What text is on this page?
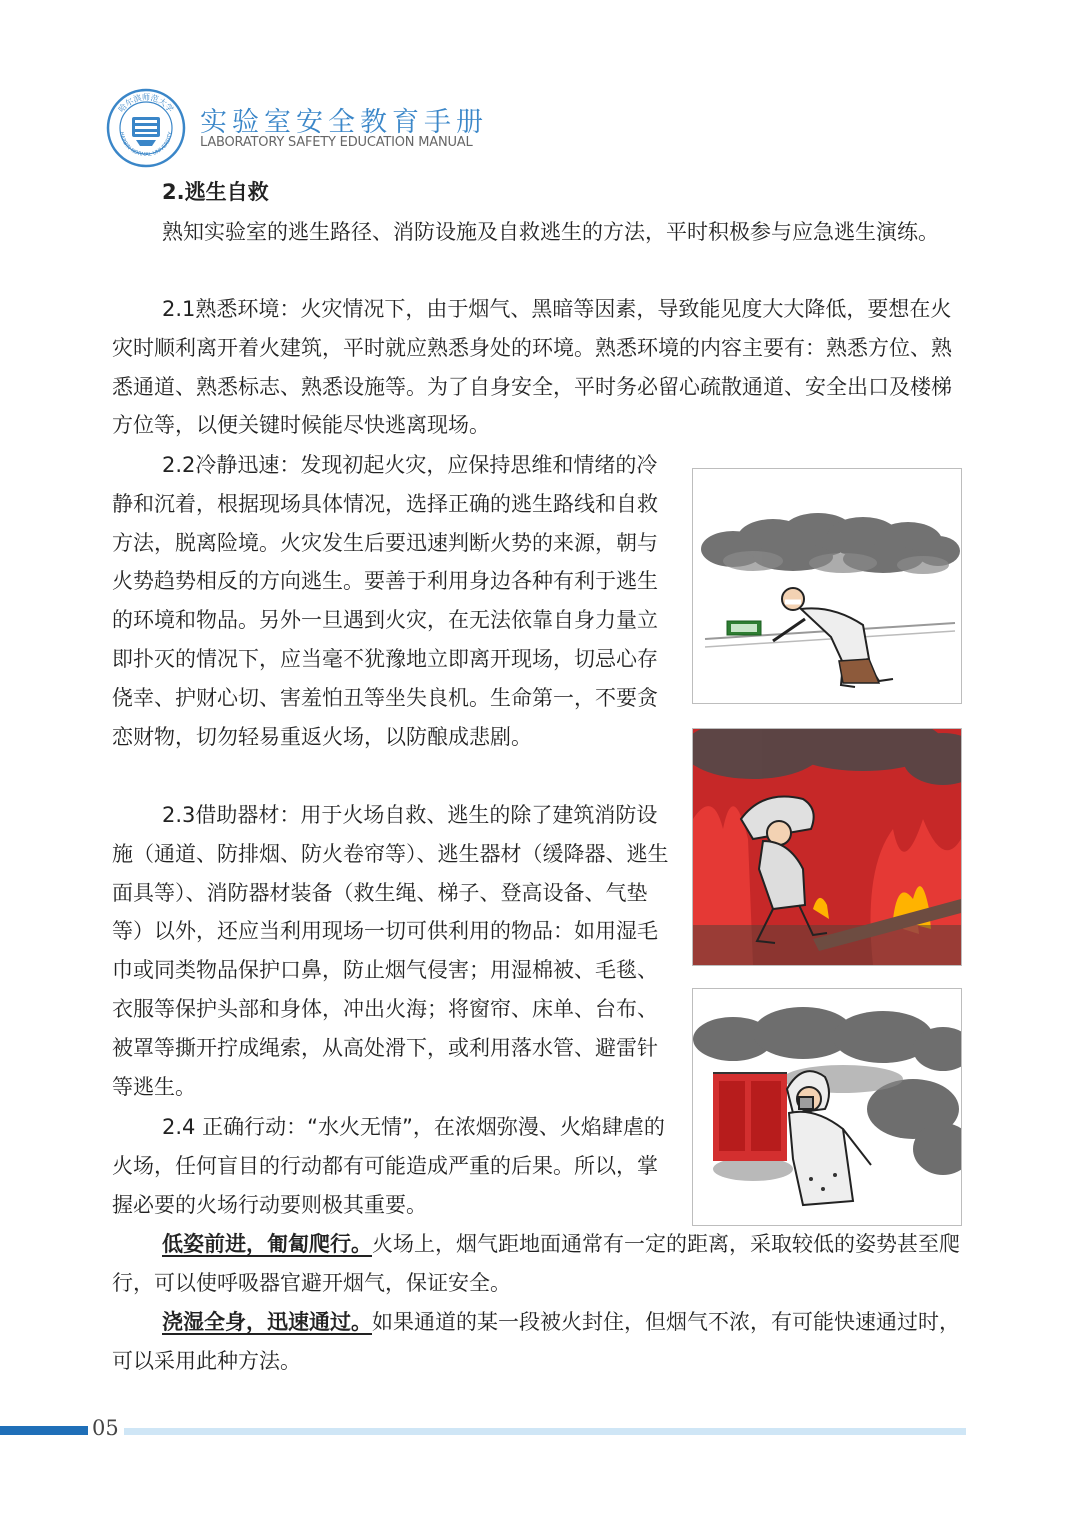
哈尔滨师范大学
HARBIN NORMAL UNIVERSITY 实验室安全教育手册
LABORATORY SAFETY EDUCATION MANUAL

2.逃生自救

熟知实验室的逃生路径、消防设施及自救逃生的方法，平时积极参与应急逃生演练。

2.1熟悉环境：火灾情况下，由于烟气、黑暗等因素，导致能见度大大降低，要想在火灾时顺利离开着火建筑，平时就应熟悉身处的环境。熟悉环境的内容主要有：熟悉方位、熟悉通道、熟悉标志、熟悉设施等。为了自身安全，平时务必留心疏散通道、安全出口及楼梯方位等，以便关键时候能尽快逃离现场。

2.2冷静迅速：发现初起火灾，应保持思维和情绪的冷静和沉着，根据现场具体情况，选择正确的逃生路线和自救方法，脱离险境。火灾发生后要迅速判断火势的来源，朝与火势趋势相反的方向逃生。要善于利用身边各种有利于逃生的环境和物品。另外一旦遇到火灾，在无法依靠自身力量立即扑灭的情况下，应当毫不犹豫地立即离开现场，切忌心存侥幸、护财心切、害羞怕丑等坐失良机。生命第一，不要贪恋财物，切勿轻易重返火场，以防酿成悲剧。

2.3借助器材：用于火场自救、逃生的除了建筑消防设施（通道、防排烟、防火卷帘等）、逃生器材（缓降器、逃生面具等）、消防器材装备（救生绳、梯子、登高设备、气垫等）以外，还应当利用现场一切可供利用的物品：如用湿毛巾或同类物品保护口鼻，防止烟气侵害；用湿棉被、毛毯、衣服等保护头部和身体，冲出火海；将窗帘、床单、台布、被罩等撕开拧成绳索，从高处滑下，或利用落水管、避雷针等逃生。

2.4 正确行动：“水火无情”，在浓烟弥漫、火焰肆虐的火场，任何盲目的行动都有可能造成严重的后果。所以，掌握必要的火场行动要则极其重要。

低姿前进，匍匐爬行。火场上，烟气距地面通常有一定的距离，采取较低的姿势甚至爬行，可以使呼吸器官避开烟气，保证安全。

浇湿全身，迅速通过。如果通道的某一段被火封住，但烟气不浓，有可能快速通过时，可以采用此种方法。

05
